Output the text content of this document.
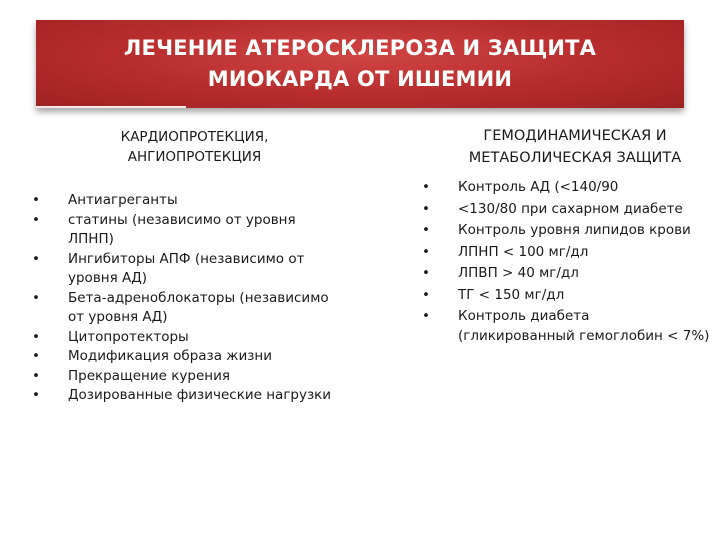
ЛЕЧЕНИЕ АТЕРОСКЛЕРОЗА И ЗАЩИТА
МИОКАРДА ОТ ИШЕМИИ
КАРДИОПРОТЕКЦИЯ,
АНГИОПРОТЕКЦИЯ
ГЕМОДИНАМИЧЕСКАЯ И
МЕТАБОЛИЧЕСКАЯ ЗАЩИТА
• Антиагреганты
• статины (независимо от уровня ЛПНП)
• Ингибиторы АПФ (независимо от уровня АД)
• Бета-адреноблокаторы (независимо от уровня АД)
• Цитопротекторы
• Модификация образа жизни
• Прекращение курения
• Дозированные физические нагрузки
• Контроль АД (<140/90
• <130/80 при сахарном диабете
• Контроль уровня липидов крови
• ЛПНП < 100 мг/дл
• ЛПВП > 40 мг/дл
• ТГ < 150 мг/дл
• Контроль диабета (гликированный гемоглобин < 7%)
